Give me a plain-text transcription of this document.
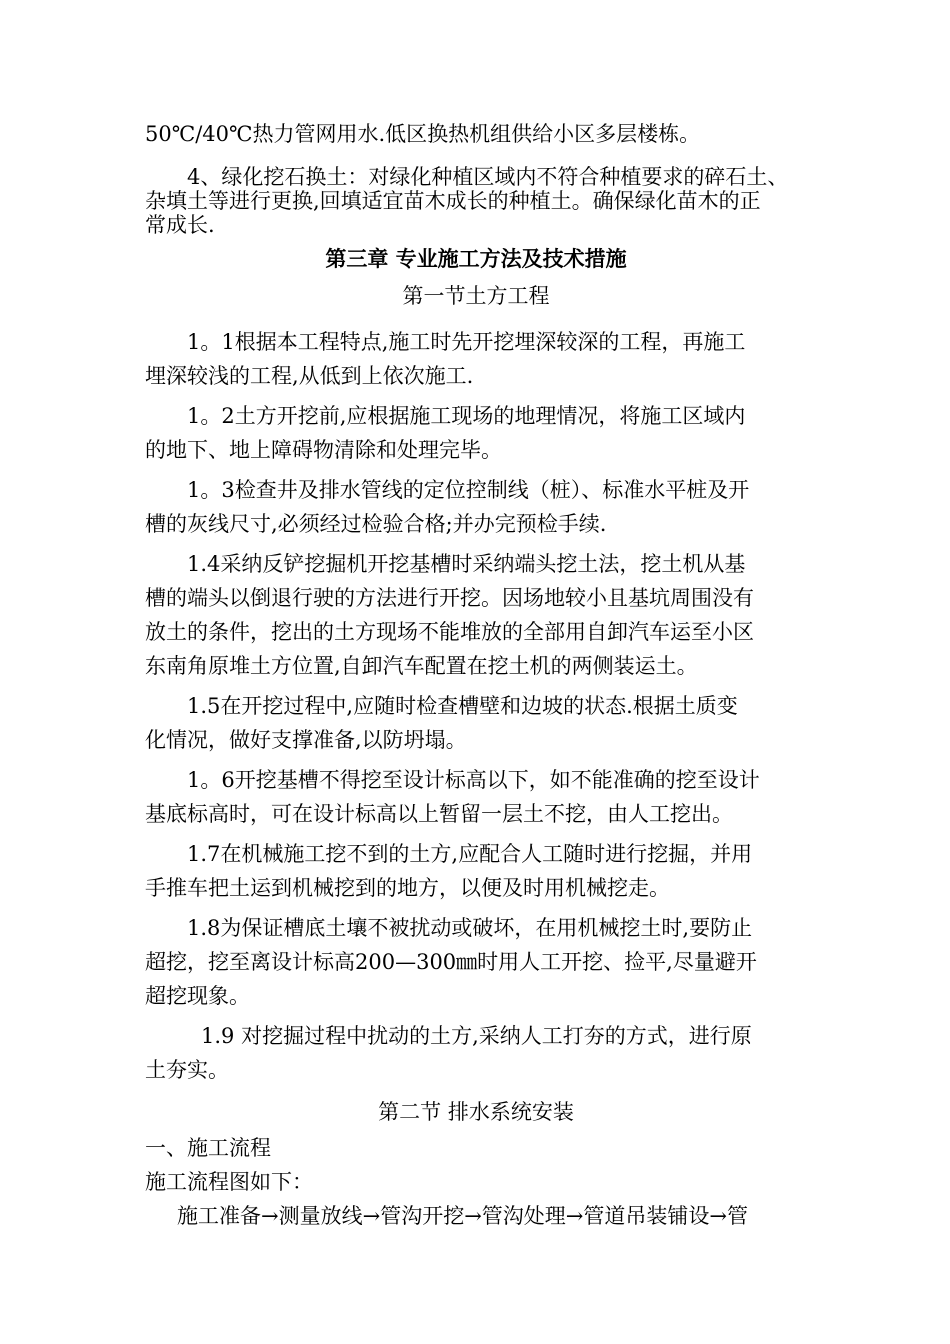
50℃/40℃热力管网用水.低区换热机组供给小区多层楼栋。
4、绿化挖石换土：对绿化种植区域内不符合种植要求的碎石土、
杂填土等进行更换,回填适宜苗木成长的种植土。确保绿化苗木的正
常成长.
第三章 专业施工方法及技术措施
第一节土方工程
1。1根据本工程特点,施工时先开挖埋深较深的工程，再施工
埋深较浅的工程,从低到上依次施工.
1。2土方开挖前,应根据施工现场的地理情况，将施工区域内
的地下、地上障碍物清除和处理完毕。
1。3检查井及排水管线的定位控制线（桩）、标准水平桩及开
槽的灰线尺寸,必须经过检验合格;并办完预检手续.
1.4采纳反铲挖掘机开挖基槽时采纳端头挖土法，挖土机从基
槽的端头以倒退行驶的方法进行开挖。因场地较小且基坑周围没有
放土的条件，挖出的土方现场不能堆放的全部用自卸汽车运至小区
东南角原堆土方位置,自卸汽车配置在挖土机的两侧装运土。
1.5在开挖过程中,应随时检查槽壁和边坡的状态.根据土质变
化情况，做好支撑准备,以防坍塌。
1。6开挖基槽不得挖至设计标高以下，如不能准确的挖至设计
基底标高时，可在设计标高以上暂留一层土不挖，由人工挖出。
1.7在机械施工挖不到的土方,应配合人工随时进行挖掘，并用
手推车把土运到机械挖到的地方，以便及时用机械挖走。
1.8为保证槽底土壤不被扰动或破坏，在用机械挖土时,要防止
超挖，挖至离设计标高200—300㎜时用人工开挖、捡平,尽量避开
超挖现象。
1.9 对挖掘过程中扰动的土方,采纳人工打夯的方式，进行原
土夯实。
第二节 排水系统安装
一、施工流程
施工流程图如下：
施工准备→测量放线→管沟开挖→管沟处理→管道吊装铺设→管
